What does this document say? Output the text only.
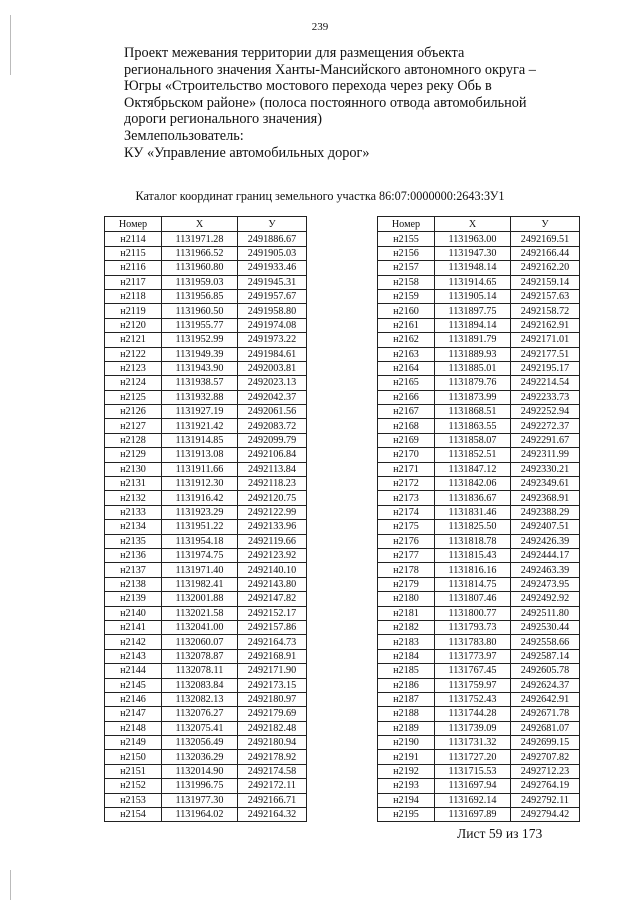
239
Проект межевания территории для размещения объекта
регионального значения Ханты-Мансийского автономного округа –
Югры «Строительство мостового перехода через реку Обь в
Октябрьском районе» (полоса постоянного отвода автомобильной
дороги регионального значения)
Землепользователь:
КУ «Управление автомобильных дорог»
Каталог координат границ земельного участка 86:07:0000000:2643:ЗУ1
Номер	X	У
н2114	1131971.28	2491886.67
н2115	1131966.52	2491905.03
н2116	1131960.80	2491933.46
н2117	1131959.03	2491945.31
н2118	1131956.85	2491957.67
н2119	1131960.50	2491958.80
н2120	1131955.77	2491974.08
н2121	1131952.99	2491973.22
н2122	1131949.39	2491984.61
н2123	1131943.90	2492003.81
н2124	1131938.57	2492023.13
н2125	1131932.88	2492042.37
н2126	1131927.19	2492061.56
н2127	1131921.42	2492083.72
н2128	1131914.85	2492099.79
н2129	1131913.08	2492106.84
н2130	1131911.66	2492113.84
н2131	1131912.30	2492118.23
н2132	1131916.42	2492120.75
н2133	1131923.29	2492122.99
н2134	1131951.22	2492133.96
н2135	1131954.18	2492119.66
н2136	1131974.75	2492123.92
н2137	1131971.40	2492140.10
н2138	1131982.41	2492143.80
н2139	1132001.88	2492147.82
н2140	1132021.58	2492152.17
н2141	1132041.00	2492157.86
н2142	1132060.07	2492164.73
н2143	1132078.87	2492168.91
н2144	1132078.11	2492171.90
н2145	1132083.84	2492173.15
н2146	1132082.13	2492180.97
н2147	1132076.27	2492179.69
н2148	1132075.41	2492182.48
н2149	1132056.49	2492180.94
н2150	1132036.29	2492178.92
н2151	1132014.90	2492174.58
н2152	1131996.75	2492172.11
н2153	1131977.30	2492166.71
н2154	1131964.02	2492164.32
Номер	X	У
н2155	1131963.00	2492169.51
н2156	1131947.30	2492166.44
н2157	1131948.14	2492162.20
н2158	1131914.65	2492159.14
н2159	1131905.14	2492157.63
н2160	1131897.75	2492158.72
н2161	1131894.14	2492162.91
н2162	1131891.79	2492171.01
н2163	1131889.93	2492177.51
н2164	1131885.01	2492195.17
н2165	1131879.76	2492214.54
н2166	1131873.99	2492233.73
н2167	1131868.51	2492252.94
н2168	1131863.55	2492272.37
н2169	1131858.07	2492291.67
н2170	1131852.51	2492311.99
н2171	1131847.12	2492330.21
н2172	1131842.06	2492349.61
н2173	1131836.67	2492368.91
н2174	1131831.46	2492388.29
н2175	1131825.50	2492407.51
н2176	1131818.78	2492426.39
н2177	1131815.43	2492444.17
н2178	1131816.16	2492463.39
н2179	1131814.75	2492473.95
н2180	1131807.46	2492492.92
н2181	1131800.77	2492511.80
н2182	1131793.73	2492530.44
н2183	1131783.80	2492558.66
н2184	1131773.97	2492587.14
н2185	1131767.45	2492605.78
н2186	1131759.97	2492624.37
н2187	1131752.43	2492642.91
н2188	1131744.28	2492671.78
н2189	1131739.09	2492681.07
н2190	1131731.32	2492699.15
н2191	1131727.20	2492707.82
н2192	1131715.53	2492712.23
н2193	1131697.94	2492764.19
н2194	1131692.14	2492792.11
н2195	1131697.89	2492794.42
Лист 59 из 173
